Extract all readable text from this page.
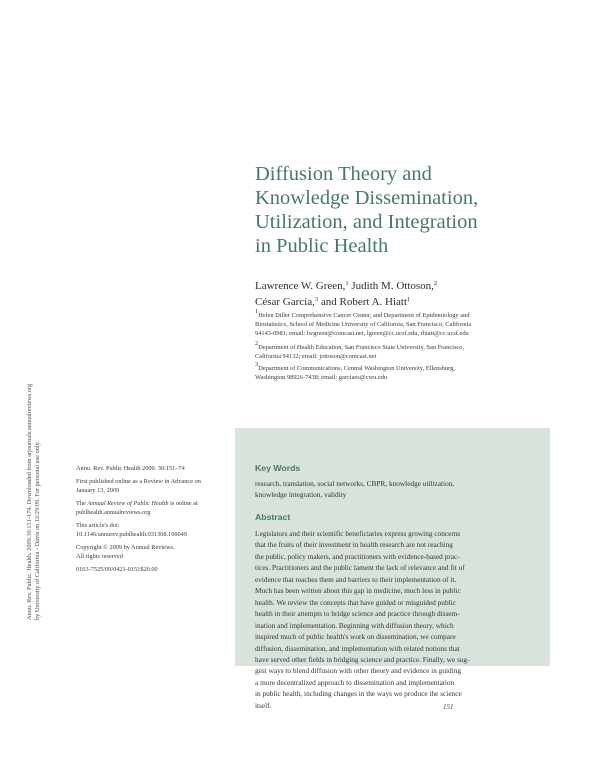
Annu. Rev. Public. Health. 2009.30:151-174. Downloaded from arjournals.annualreviews.org by University of California - Davis on 12/29/09. For personal use only.
Diffusion Theory and
Knowledge Dissemination,
Utilization, and Integration
in Public Health
Lawrence W. Green,$^1$ Judith M. Ottoson,$^2$
César García,$^3$ and Robert A. Hiatt$^1$
$^1$Helen Diller Comprehensive Cancer Center, and Department of Epidemiology and
Biostatistics, School of Medicine University of California, San Francisco, California
94143-0981; email: lwgreen@comcast.net, lgreen@cc.ucsf.edu, rhiatt@cc.ucsf.edu
$^2$Department of Health Education, San Francisco State University, San Francisco,
California 94132; email: jottoson@comcast.net
$^3$Department of Communications, Central Washington University, Ellensburg,
Washington 98926-7438; email: garciaes@cwu.edu
Annu. Rev. Public Health 2009. 30:151–74
First published online as a Review in Advance on
January 13, 2009
The Annual Review of Public Health is online at
publhealth.annualreviews.org
This article's doi:
10.1146/annurev.publhealth.031308.100049
Copyright © 2009 by Annual Reviews.
All rights reserved
0163-7525/09/0421-0151$20.00
Key Words
research, translation, social networks, CBPR, knowledge utilization,
knowledge integration, validity
Abstract
Legislators and their scientific beneficiaries express growing concerns
that the fruits of their investment in health research are not reaching
the public, policy makers, and practitioners with evidence-based prac-
tices. Practitioners and the public lament the lack of relevance and fit of
evidence that reaches them and barriers to their implementation of it.
Much has been written about this gap in medicine, much less in public
health. We review the concepts that have guided or misguided public
health in their attempts to bridge science and practice through dissem-
ination and implementation. Beginning with diffusion theory, which
inspired much of public health's work on dissemination, we compare
diffusion, dissemination, and implementation with related notions that
have served other fields in bridging science and practice. Finally, we sug-
gest ways to blend diffusion with other theory and evidence in guiding
a more decentralized approach to dissemination and implementation
in public health, including changes in the ways we produce the science
itself.	151
